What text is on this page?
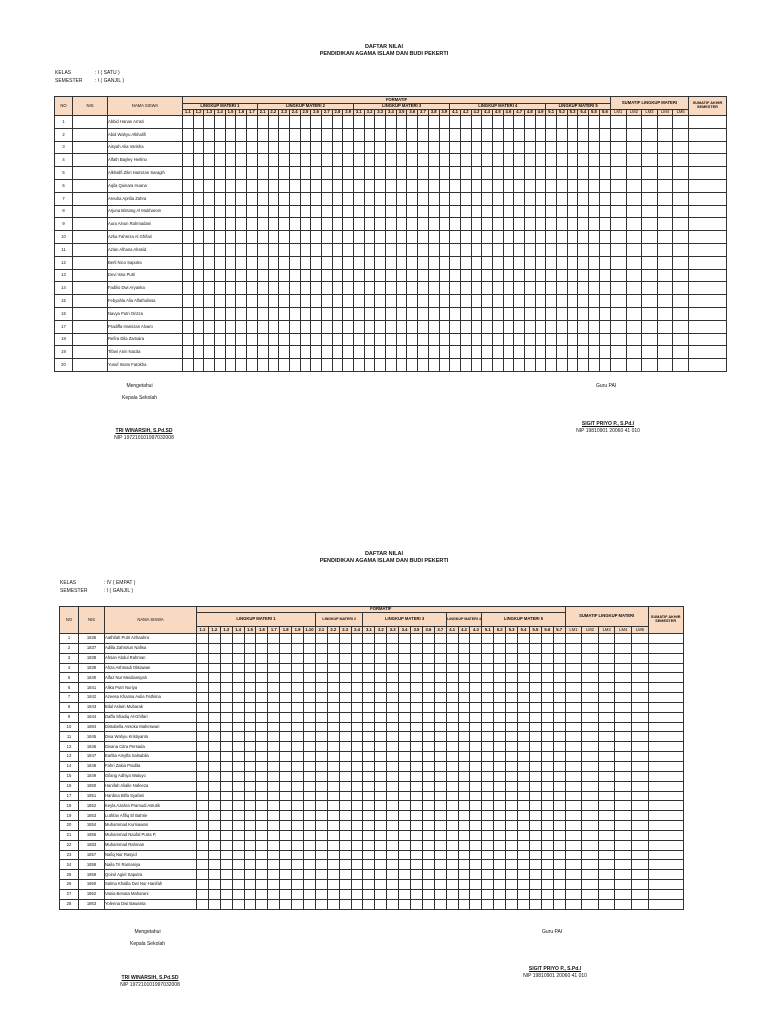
DAFTAR NILAI
PENDIDIKAN AGAMA ISLAM DAN BUDI PEKERTI
KELAS	: I ( SATU )
SEMESTER : I ( GANJIL )
NO	NIS	NAMA SISWA	FORMATIF																																								SUMATIF LINGKUP MATERI					SUMATIF AKHIR SEMESTER
			LINGKUP MATERI 1							LINGKUP MATERI 2									LINGKUP MATERI 3									LINGKUP MATERI 4									LINGKUP MATERI 5											
			1.1	1.2	1.3	1.4	1.5	1.6	1.7	2.1	2.2	2.3	2.4	2.5	2.6	2.7	2.8	2.9	3.1	3.2	3.3	3.4	3.5	3.6	3.7	3.8	3.9	4.1	4.2	4.3	4.4	4.5	4.6	4.7	4.8	4.9	5.1	5.2	5.3	5.4	5.5	5.6	LM1	LM2	LM3	LM4	LM5	
1		Abbid Hanan Arrazi																																														
2		Abid Wahyu Alkhalifi																																														
3		Aisyah Alia Varisha																																														
4		Alfath Bayley Herlino																																														
5		Alkhalifi Zikri Hamizan Saragih																																														
6		Aqila Quinara Huana																																														
7		Areuha Aprilia Zahra																																														
8		Arjuna Bintang Al Mukharom																																														
9		Aura Ainun Rahmadani																																														
10		Azka Fahreza Al Ghifari																																														
11		Azlan Alhana Alrasid																																														
12		Berli Nico Saputra																																														
13		Devi Isna Putri																																														
14		Fadilio Dwi Aryanka																																														
15		Febyahla Alia Alfathulissa																																														
16		Navya Putri Orizza																																														
17		Pradiffa Hamizan Alvaro																																														
18		Refira Dila Zamaira																																														
19		Tifani Anin Nacita																																														
20		Yusuf Imam Fatokha																																														
Mengetahui
Kepala Sekolah
TRI WINARSIH, S.Pd.SD
NIP 197210101997032008
Guru PAI
SIGIT PRIYO P., S.Pd.I
NIP 19810901 20060 41 010
DAFTAR NILAI
PENDIDIKAN AGAMA ISLAM DAN BUDI PEKERTI
KELAS	: IV ( EMPAT )
SEMESTER	: I ( GANJIL )
NO	NIS	NAMA SISWA	FORMATIF																															SUMATIF LINGKUP MATERI					SUMATIF AKHIR SEMESTER
			LINGKUP MATERI 1										LINGKUP MATERI 2				LINGKUP MATERI 3							LINGKUP MATERI 4			LINGKUP MATERI 5												
			1.1	1.2	1.3	1.4	1.5	1.6	1.7	1.8	1.9	1.10	2.1	2.2	2.3	2.4	3.1	3.2	3.3	3.4	3.5	3.6	3.7	4.1	4.2	4.3	5.1	5.2	5.3	5.4	5.5	5.6	5.7	LM1	LM2	LM3	LM4	LM5	
1	1836	Aathifah Putri Azhaahra																																					
2	1837	Adilla Zahrotun Nafisa																																					
3	1838	Ahsan Abdul Rahman																																					
4	1839	Ahza Ashmadi Oktiawan																																					
5	1840	Alfaz Nur Meidiansyah																																					
6	1841	Alika Putri Nuriya																																					
7	1842	Azeesa Khansa Aulia Fathima																																					
8	1843	Bilal Aslam Mubarak																																					
9	1844	Daffa Shadiq Al-Ghifari																																					
10	1884	Distabella Assoka Maheswari																																					
11	1845	Diva Wahyu Kristiyanto																																					
12	1846	Divana Citra Persada																																					
13	1847	Earlita Amylfa Salsabila																																					
14	1848	Fahri Zakia Pradita																																					
15	1849	Gilang Adhiya Waluyo																																					
16	1850	Hanifah Alialle Nafeeza																																					
17	1851	Hardina Bilfa Syafani																																					
18	1852	Keyla Azahra Pramudi Astutik																																					
19	1853	Luthfan Afifiq El Bahrie																																					
20	1854	Muhammad Kurniawan																																					
21	1855	Muhammad Naufal Putra P.																																					
22	1883	Muhammad Rahman																																					
23	1857	Nafiq Nur Rasyid																																					
24	1858	Naila Tri Ramaniya																																					
25	1859	Qoirul Agiel Saputra																																					
26	1860	Salma Khalila Dwi Nur Hanifah																																					
27	1862	Vania Benata Maharani																																					
28	1863	Yolenna Dwi Bawanta																																					
Mengetahui
Kepala Sekolah
TRI WINARSIH, S.Pd.SD
NIP 197210101997032008
Guru PAI
SIGIT PRIYO P., S.Pd.I
NIP 19810901 20060 41 010
